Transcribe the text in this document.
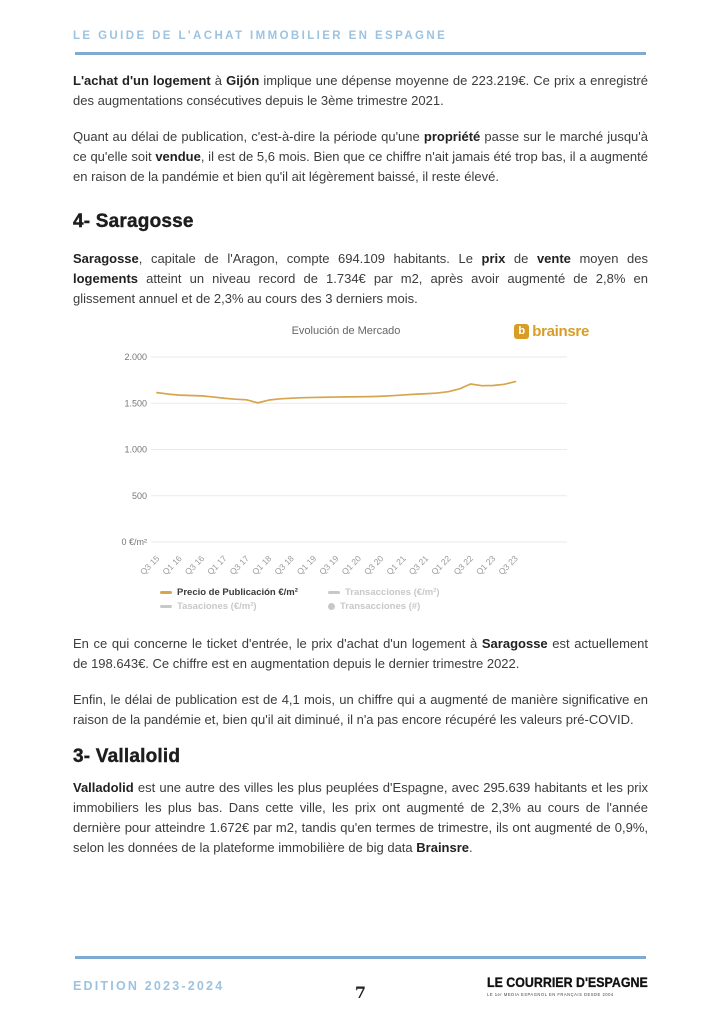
LE GUIDE DE L'ACHAT IMMOBILIER EN ESPAGNE

L'achat d'un logement à Gijón implique une dépense moyenne de 223.219€. Ce prix a enregistré des augmentations consécutives depuis le 3ème trimestre 2021.

Quant au délai de publication, c'est-à-dire la période qu'une propriété passe sur le marché jusqu'à ce qu'elle soit vendue, il est de 5,6 mois. Bien que ce chiffre n'ait jamais été trop bas, il a augmenté en raison de la pandémie et bien qu'il ait légèrement baissé, il reste élevé.

4- Saragosse

Saragosse, capitale de l'Aragon, compte 694.109 habitants. Le prix de vente moyen des logements atteint un niveau record de 1.734€ par m2, après avoir augmenté de 2,8% en glissement annuel et de 2,3% au cours des 3 derniers mois.

Evolución de Mercado	b brainsre
2.000
1.500
1.000
500
0 €/m²
Q3 15
Q1 16
Q3 16
Q1 17
Q3 17
Q1 18
Q3 18
Q1 19
Q3 19
Q1 20
Q3 20
Q1 21
Q3 21
Q1 22
Q3 22
Q1 23
Q3 23
Precio de Publicación €/m²	Transacciones (€/m²)
Tasaciones (€/m²)	Transacciones (#)

En ce qui concerne le ticket d'entrée, le prix d'achat d'un logement à Saragosse est actuellement de 198.643€. Ce chiffre est en augmentation depuis le dernier trimestre 2022.

Enfin, le délai de publication est de 4,1 mois, un chiffre qui a augmenté de manière significative en raison de la pandémie et, bien qu'il ait diminué, il n'a pas encore récupéré les valeurs pré-COVID.

3- Vallalolid

Valladolid est une autre des villes les plus peuplées d'Espagne, avec 295.639 habitants et les prix immobiliers les plus bas. Dans cette ville, les prix ont augmenté de 2,3% au cours de l'année dernière pour atteindre 1.672€ par m2, tandis qu'en termes de trimestre, ils ont augmenté de 0,9%, selon les données de la plateforme immobilière de big data Brainsre.

EDITION 2023-2024	7
LE COURRIER D'ESPAGNE
LE 1er MEDIA ESPAGNOL EN FRANÇAIS DESDE 2004
